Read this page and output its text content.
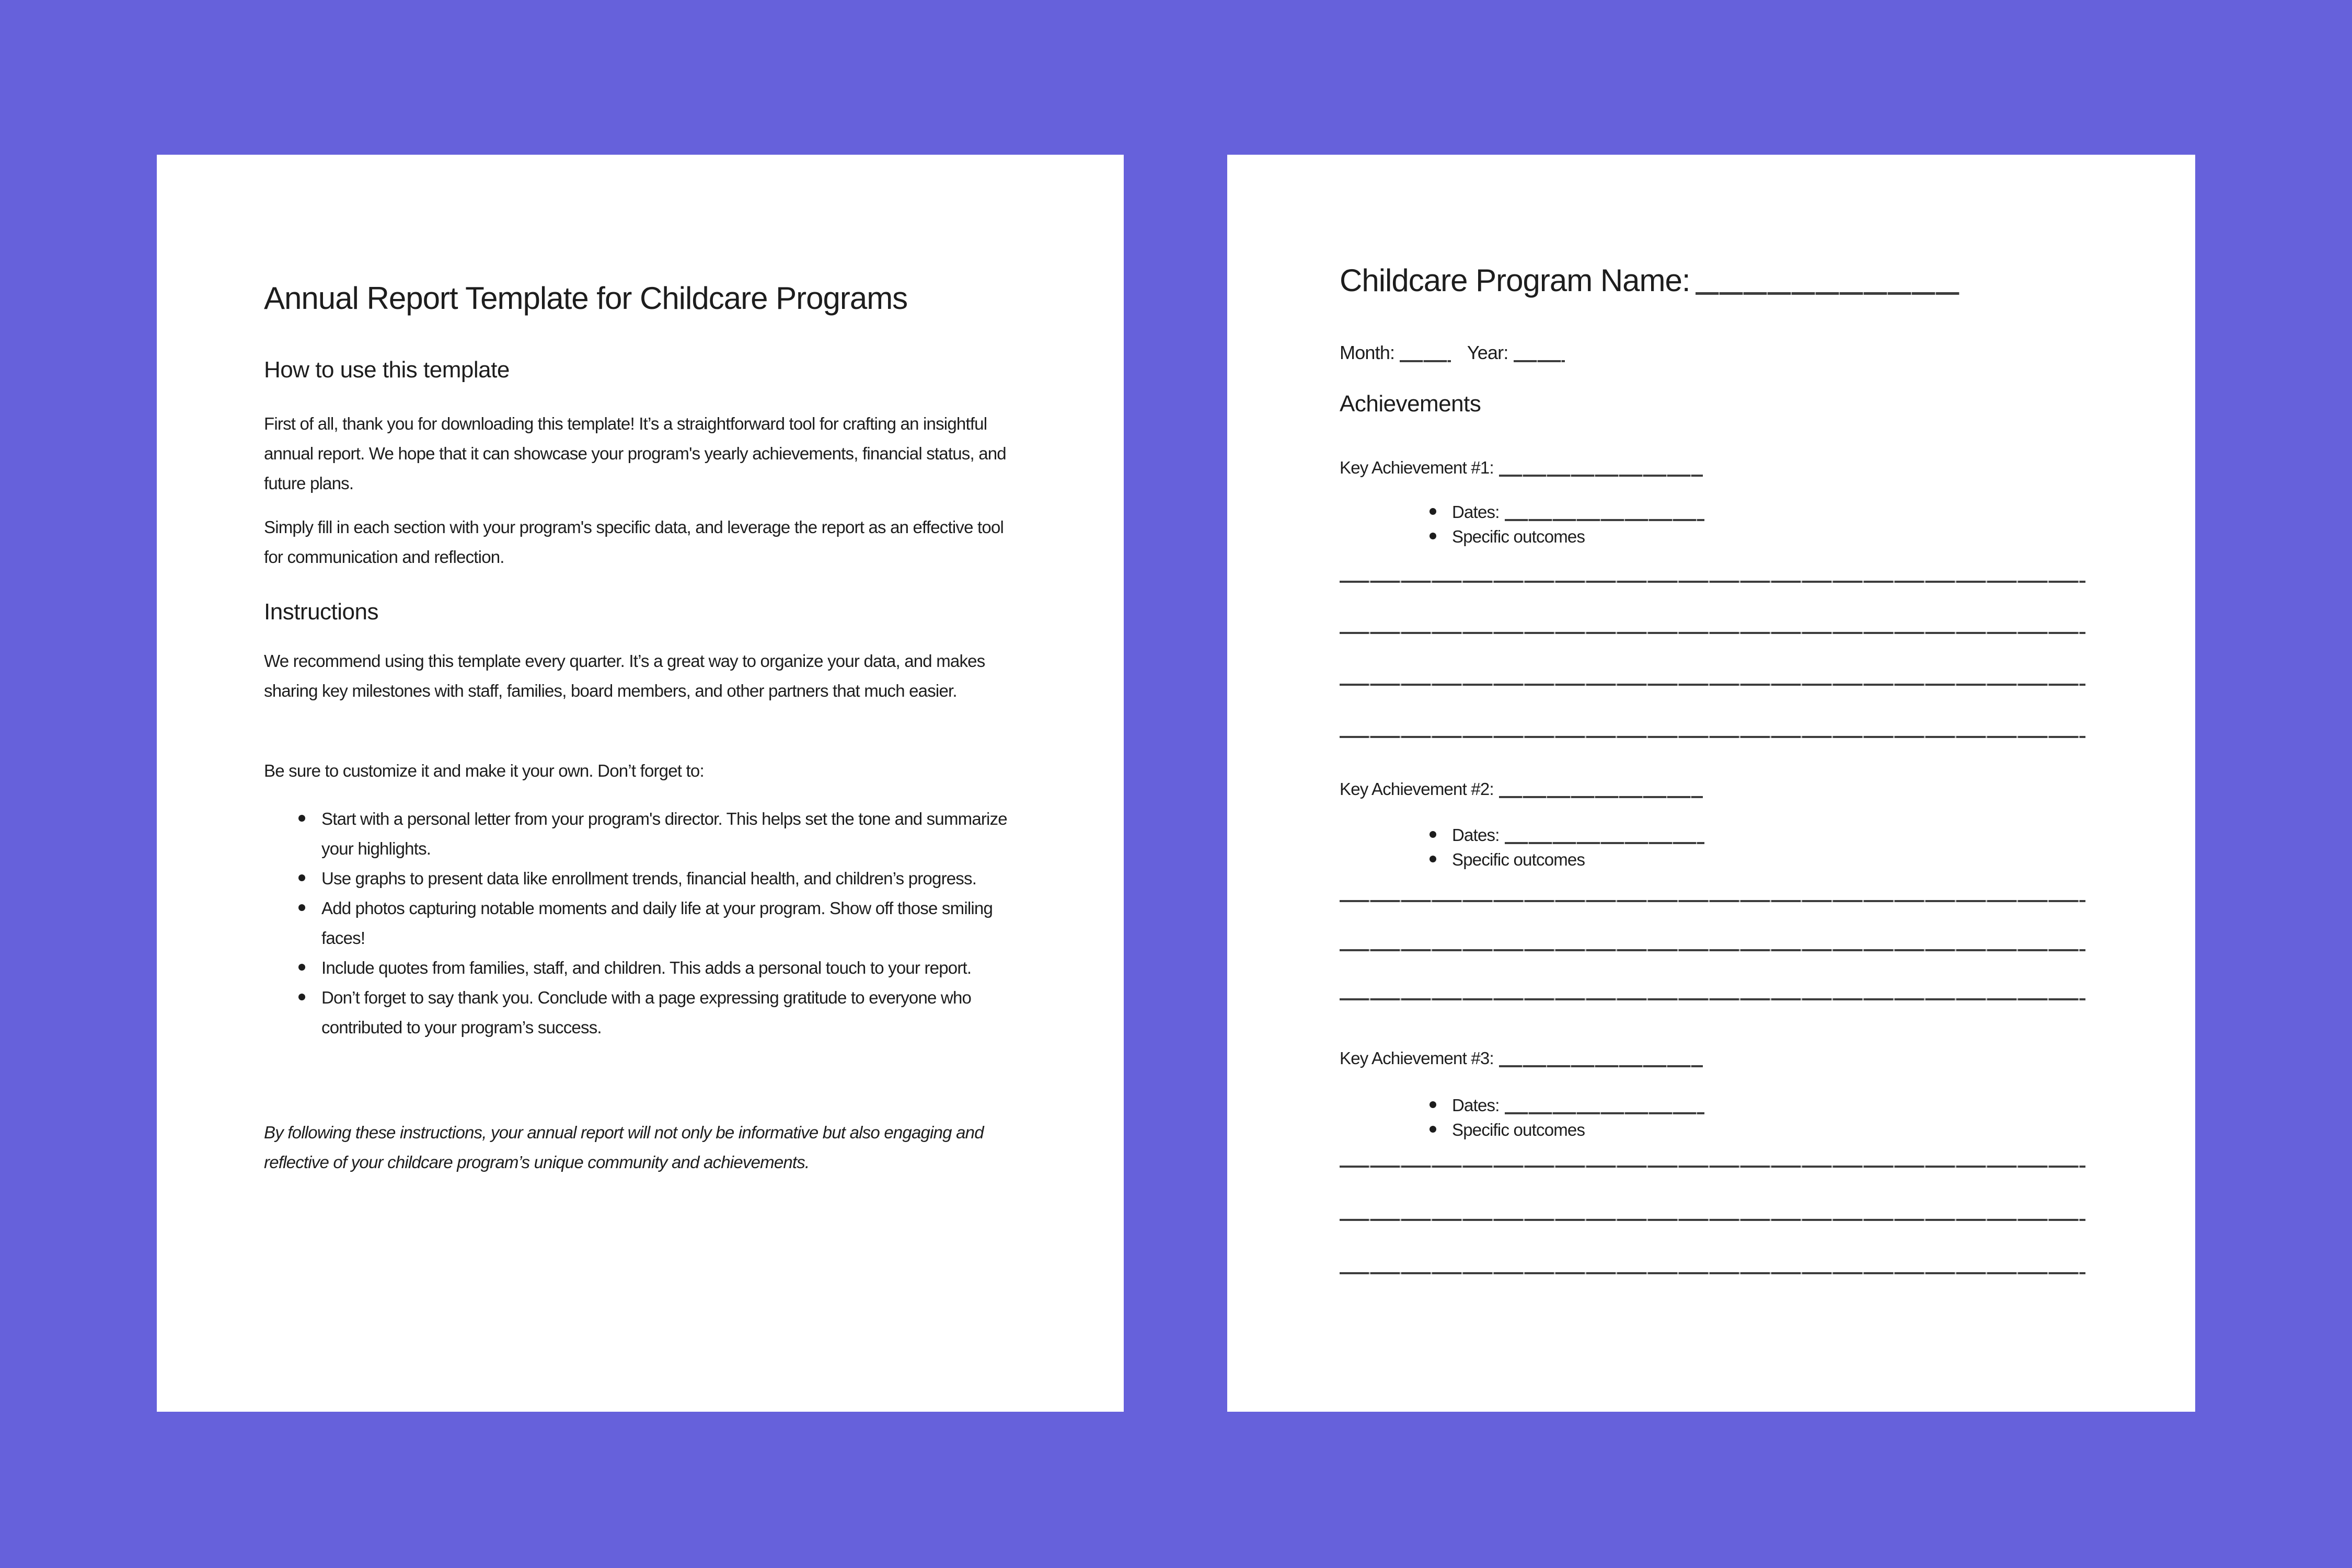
Annual Report Template for Childcare Programs
How to use this template

First of all, thank you for downloading this template! It’s a straightforward tool for crafting an insightful annual report. We hope that it can showcase your program's yearly achievements, financial status, and future plans.

Simply fill in each section with your program's specific data, and leverage the report as an effective tool for communication and reflection.

Instructions

We recommend using this template every quarter. It’s a great way to organize your data, and makes sharing key milestones with staff, families, board members, and other partners that much easier.

Be sure to customize it and make it your own. Don’t forget to:

Start with a personal letter from your program's director. This helps set the tone and summarize your highlights.
Use graphs to present data like enrollment trends, financial health, and children’s progress.
Add photos capturing notable moments and daily life at your program. Show off those smiling faces!
Include quotes from families, staff, and children. This adds a personal touch to your report.
Don’t forget to say thank you. Conclude with a page expressing gratitude to everyone who contributed to your program’s success.

By following these instructions, your annual report will not only be informative but also engaging and reflective of your childcare program’s unique community and achievements.

Childcare Program Name:
Month:	Year:
Achievements
Key Achievement #1:
Dates:
Specific outcomes
Key Achievement #2:
Dates:
Specific outcomes
Key Achievement #3:
Dates:
Specific outcomes
